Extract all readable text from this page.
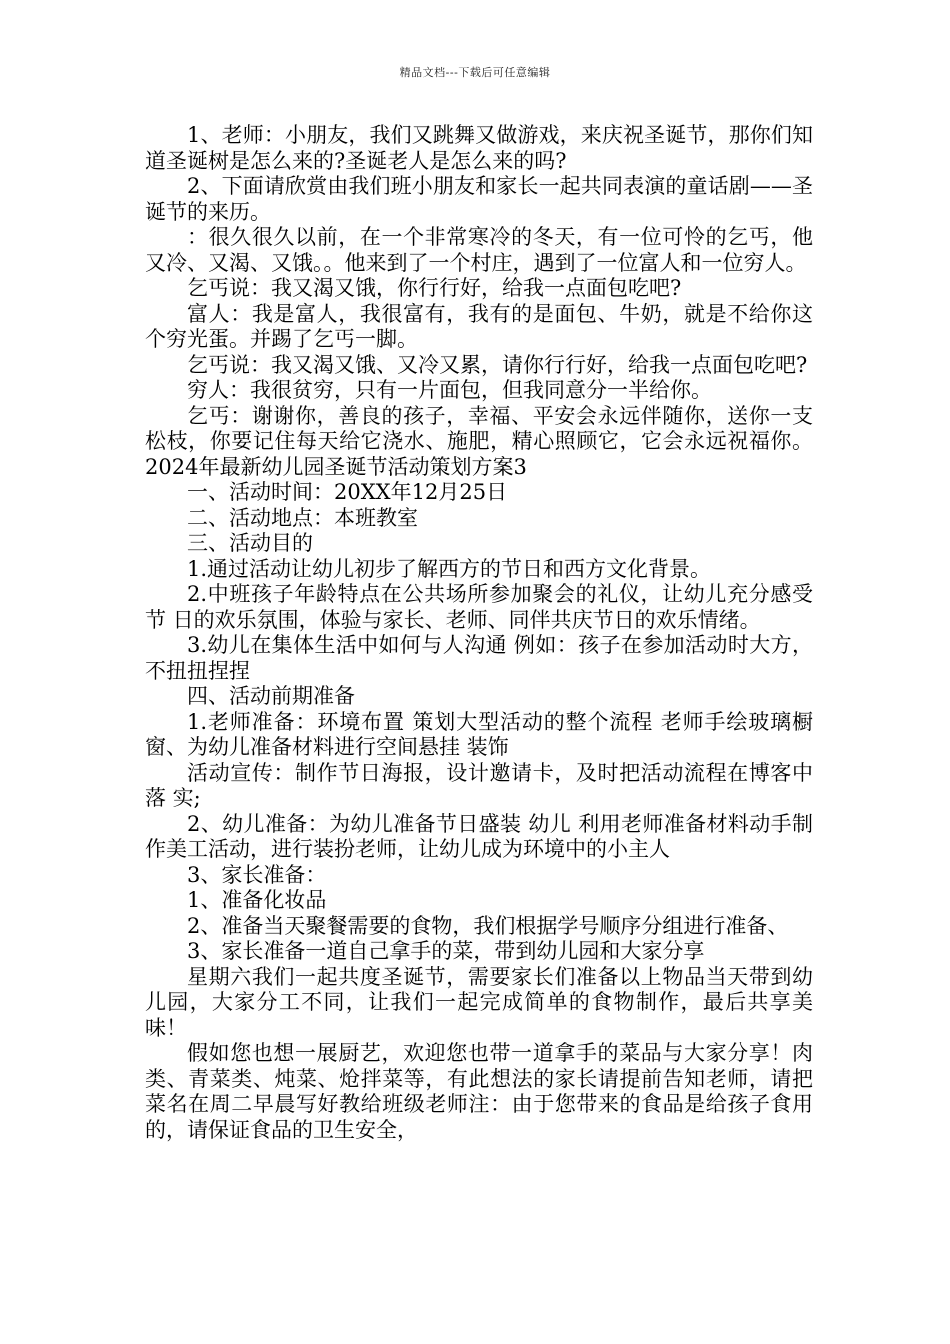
精品文档---下载后可任意编辑

1、老师：小朋友，我们又跳舞又做游戏，来庆祝圣诞节，那你们知道圣诞树是怎么来的?圣诞老人是怎么来的吗?

2、下面请欣赏由我们班小朋友和家长一起共同表演的童话剧——圣诞节的来历。

：很久很久以前，在一个非常寒冷的冬天，有一位可怜的乞丐，他又冷、又渴、又饿。。他来到了一个村庄，遇到了一位富人和一位穷人。

乞丐说：我又渴又饿，你行行好，给我一点面包吃吧?

富人：我是富人，我很富有，我有的是面包、牛奶，就是不给你这个穷光蛋。并踢了乞丐一脚。

乞丐说：我又渴又饿、又冷又累，请你行行好，给我一点面包吃吧?

穷人：我很贫穷，只有一片面包，但我同意分一半给你。

乞丐：谢谢你，善良的孩子，幸福、平安会永远伴随你，送你一支松枝，你要记住每天给它浇水、施肥，精心照顾它，它会永远祝福你。      2024年最新幼儿园圣诞节活动策划方案3

一、活动时间：20XX年12月25日

二、活动地点：本班教室

三、活动目的

1.通过活动让幼儿初步了解西方的节日和西方文化背景。

2.中班孩子年龄特点在公共场所参加聚会的礼仪，让幼儿充分感受节 日的欢乐氛围，体验与家长、老师、同伴共庆节日的欢乐情绪。

3.幼儿在集体生活中如何与人沟通 例如：孩子在参加活动时大方，  不扭扭捏捏

四、活动前期准备

1.老师准备：环境布置 策划大型活动的整个流程 老师手绘玻璃橱 窗、为幼儿准备材料进行空间悬挂 装饰

活动宣传：制作节日海报，设计邀请卡，及时把活动流程在博客中落 实;

2、幼儿准备：为幼儿准备节日盛装 幼儿 利用老师准备材料动手制作美工活动，进行装扮老师，让幼儿成为环境中的小主人

3、家长准备：

1、准备化妆品

2、准备当天聚餐需要的食物，我们根据学号顺序分组进行准备、

3、家长准备一道自己拿手的菜，带到幼儿园和大家分享

星期六我们一起共度圣诞节，需要家长们准备以上物品当天带到幼儿园，大家分工不同，让我们一起完成简单的食物制作，最后共享美味！

假如您也想一展厨艺，欢迎您也带一道拿手的菜品与大家分享！肉类、青菜类、炖菜、炝拌菜等，有此想法的家长请提前告知老师，请把菜名在周二早晨写好教给班级老师注：由于您带来的食品是给孩子食用的，请保证食品的卫生安全，
